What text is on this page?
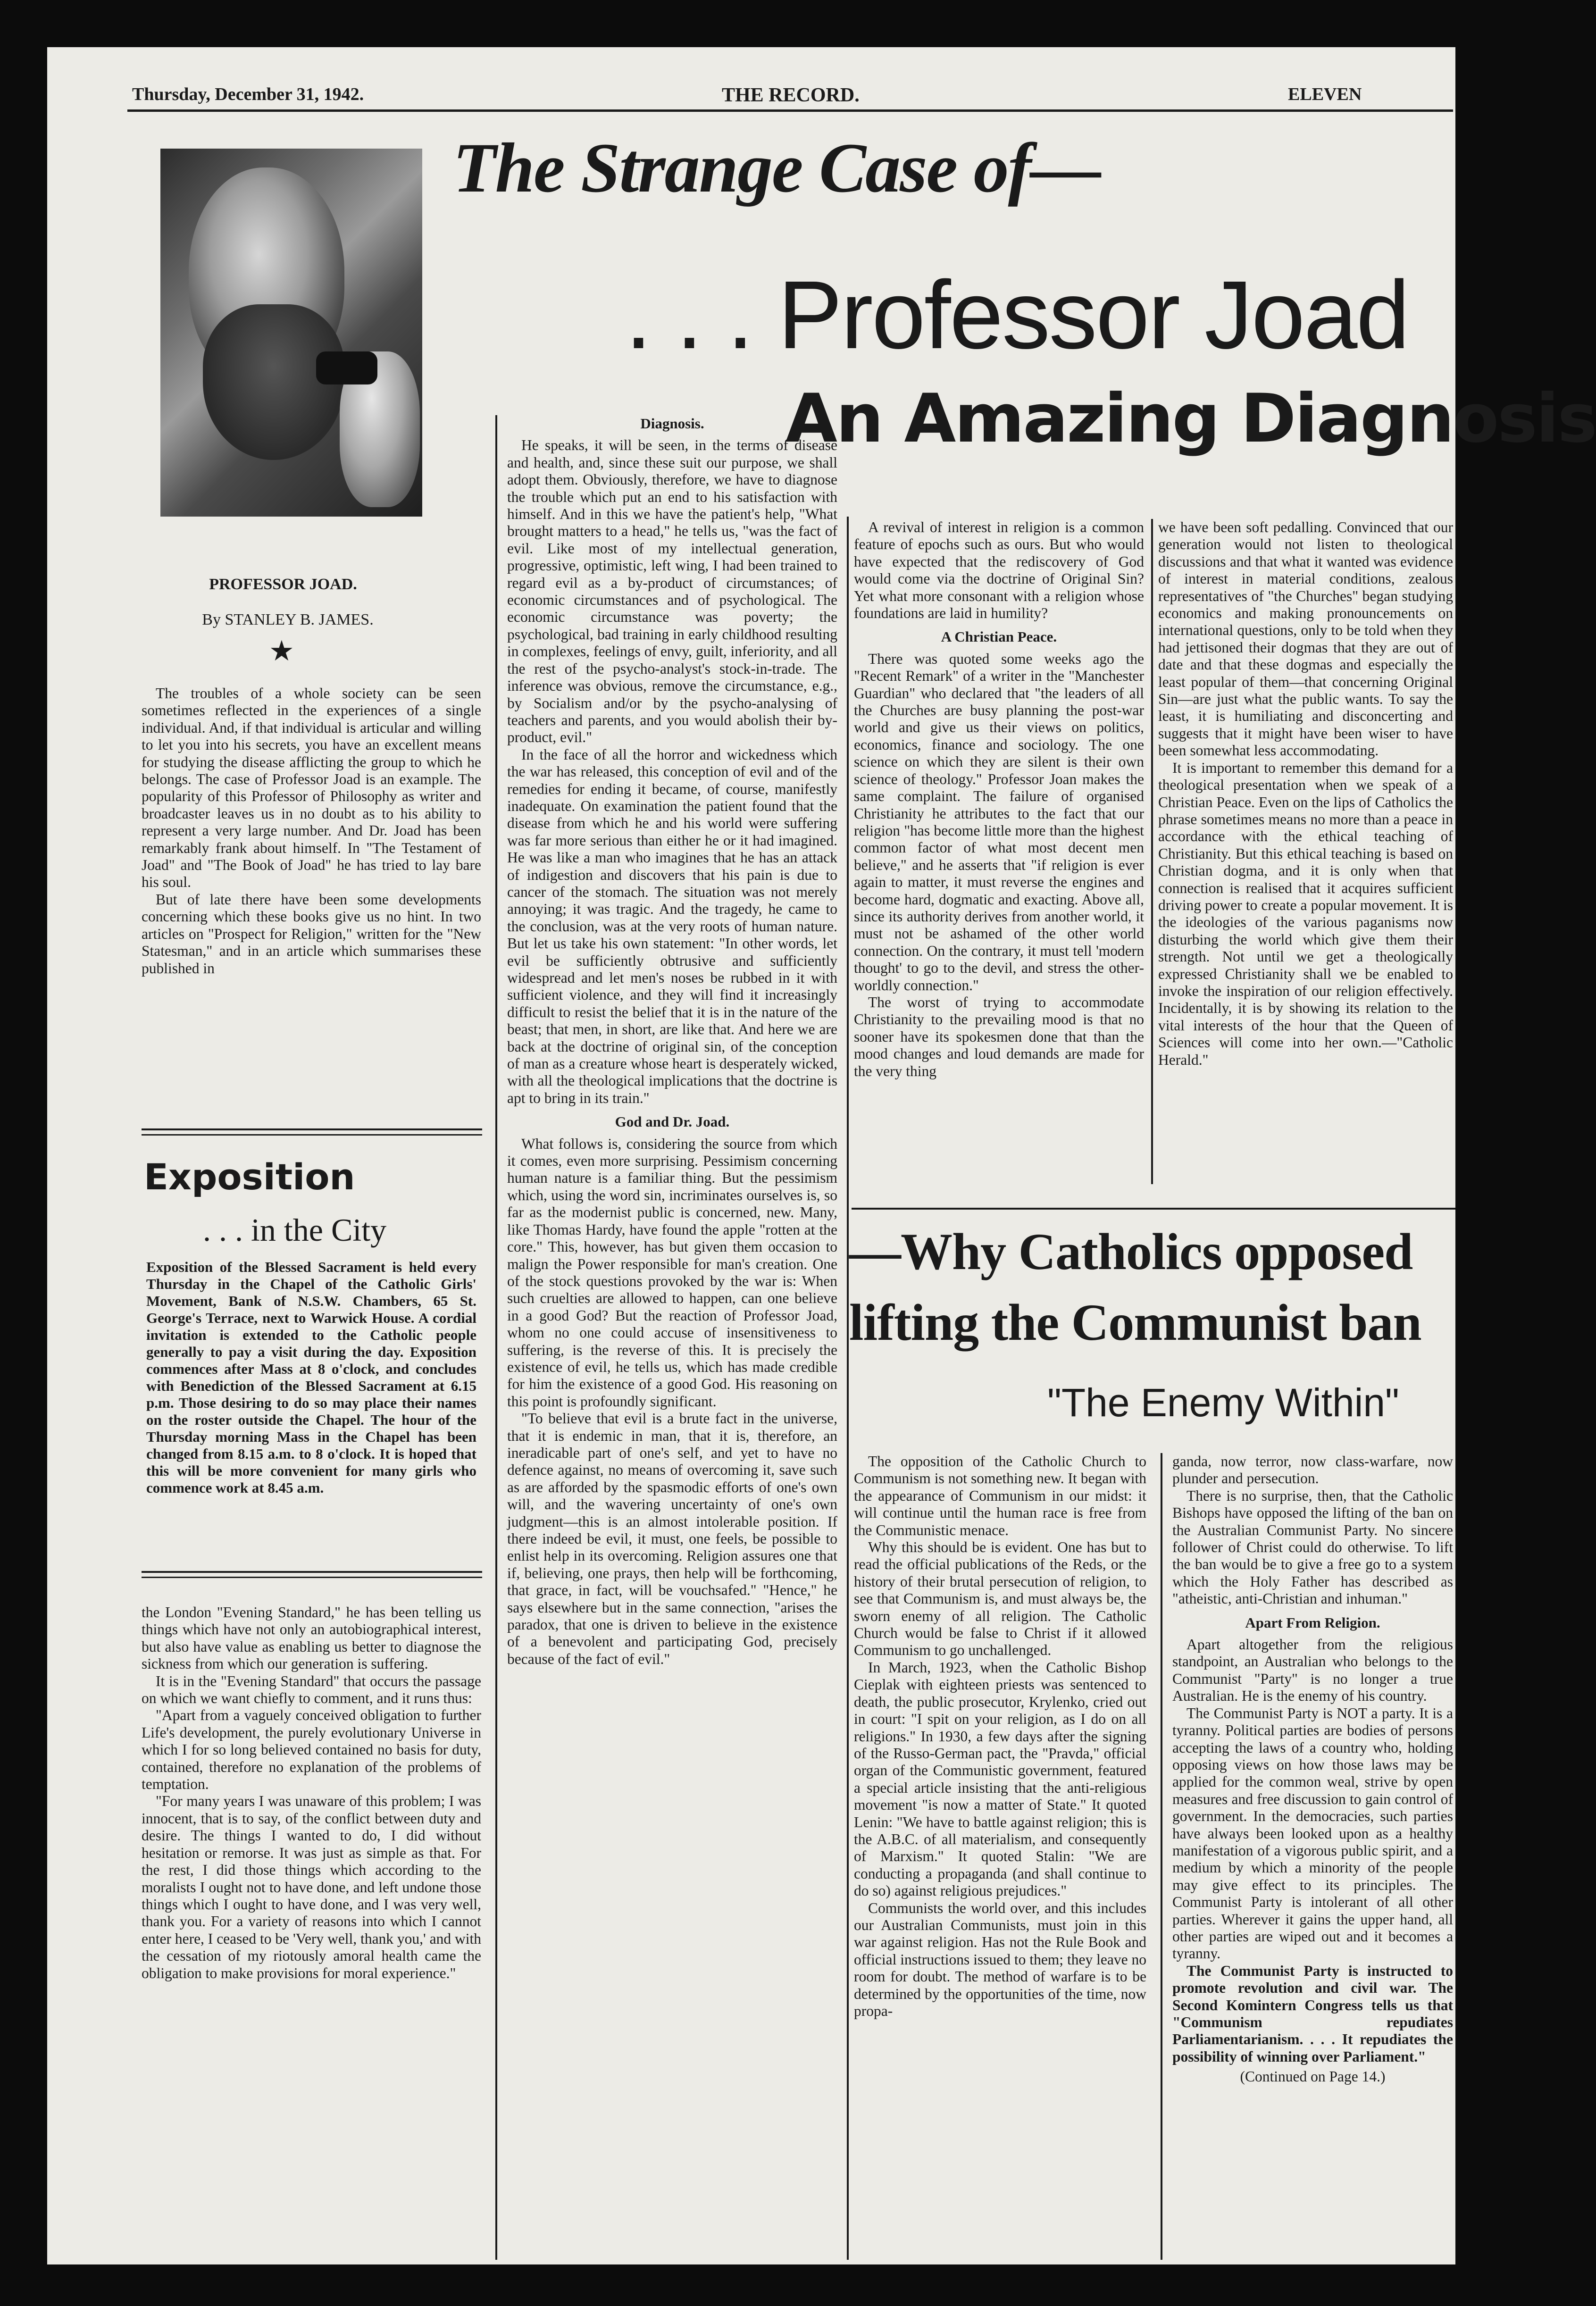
Thursday, December 31, 1942.	THE RECORD.	ELEVEN
The Strange Case of—
. . . Professor Joad
An Amazing Diagnosis
PROFESSOR JOAD.
By STANLEY B. JAMES.
★

The troubles of a whole society can be seen sometimes reflected in the experiences of a single individual. And, if that individual is articular and willing to let you into his secrets, you have an excellent means for studying the disease afflicting the group to which he belongs. The case of Professor Joad is an example. The popularity of this Professor of Philosophy as writer and broadcaster leaves us in no doubt as to his ability to represent a very large number. And Dr. Joad has been remarkably frank about himself. In "The Testament of Joad" and "The Book of Joad" he has tried to lay bare his soul.

But of late there have been some developments concerning which these books give us no hint. In two articles on "Prospect for Religion," written for the "New Statesman," and in an article which summarises these published in

Exposition
. . . in the City

Exposition of the Blessed Sacrament is held every Thursday in the Chapel of the Catholic Girls' Movement, Bank of N.S.W. Chambers, 65 St. George's Terrace, next to Warwick House. A cordial invitation is extended to the Catholic people generally to pay a visit during the day. Exposition commences after Mass at 8 o'clock, and concludes with Benediction of the Blessed Sacrament at 6.15 p.m. Those desiring to do so may place their names on the roster outside the Chapel. The hour of the Thursday morning Mass in the Chapel has been changed from 8.15 a.m. to 8 o'clock. It is hoped that this will be more convenient for many girls who commence work at 8.45 a.m.

the London "Evening Standard," he has been telling us things which have not only an autobiographical interest, but also have value as enabling us better to diagnose the sickness from which our generation is suffering.

It is in the "Evening Standard" that occurs the passage on which we want chiefly to comment, and it runs thus:

"Apart from a vaguely conceived obligation to further Life's development, the purely evolutionary Universe in which I for so long believed contained no basis for duty, contained, therefore no explanation of the problems of temptation.

"For many years I was unaware of this problem; I was innocent, that is to say, of the conflict between duty and desire. The things I wanted to do, I did without hesitation or remorse. It was just as simple as that. For the rest, I did those things which according to the moralists I ought not to have done, and left undone those things which I ought to have done, and I was very well, thank you. For a variety of reasons into which I cannot enter here, I ceased to be 'Very well, thank you,' and with the cessation of my riotously amoral health came the obligation to make provisions for moral experience."

Diagnosis.

He speaks, it will be seen, in the terms of disease and health, and, since these suit our purpose, we shall adopt them. Obviously, therefore, we have to diagnose the trouble which put an end to his satisfaction with himself. And in this we have the patient's help, "What brought matters to a head," he tells us, "was the fact of evil. Like most of my intellectual generation, progressive, optimistic, left wing, I had been trained to regard evil as a by-product of circumstances; of economic circumstances and of psychological. The economic circumstance was poverty; the psychological, bad training in early childhood resulting in complexes, feelings of envy, guilt, inferiority, and all the rest of the psycho-analyst's stock-in-trade. The inference was obvious, remove the circumstance, e.g., by Socialism and/or by the psycho-analysing of teachers and parents, and you would abolish their by-product, evil."

In the face of all the horror and wickedness which the war has released, this conception of evil and of the remedies for ending it became, of course, manifestly inadequate. On examination the patient found that the disease from which he and his world were suffering was far more serious than either he or it had imagined. He was like a man who imagines that he has an attack of indigestion and discovers that his pain is due to cancer of the stomach. The situation was not merely annoying; it was tragic. And the tragedy, he came to the conclusion, was at the very roots of human nature. But let us take his own statement: "In other words, let evil be sufficiently obtrusive and sufficiently widespread and let men's noses be rubbed in it with sufficient violence, and they will find it increasingly difficult to resist the belief that it is in the nature of the beast; that men, in short, are like that. And here we are back at the doctrine of original sin, of the conception of man as a creature whose heart is desperately wicked, with all the theological implications that the doctrine is apt to bring in its train."

God and Dr. Joad.

What follows is, considering the source from which it comes, even more surprising. Pessimism concerning human nature is a familiar thing. But the pessimism which, using the word sin, incriminates ourselves is, so far as the modernist public is concerned, new. Many, like Thomas Hardy, have found the apple "rotten at the core." This, however, has but given them occasion to malign the Power responsible for man's creation. One of the stock questions provoked by the war is: When such cruelties are allowed to happen, can one believe in a good God? But the reaction of Professor Joad, whom no one could accuse of insensitiveness to suffering, is the reverse of this. It is precisely the existence of evil, he tells us, which has made credible for him the existence of a good God. His reasoning on this point is profoundly significant.

"To believe that evil is a brute fact in the universe, that it is endemic in man, that it is, therefore, an ineradicable part of one's self, and yet to have no defence against, no means of overcoming it, save such as are afforded by the spasmodic efforts of one's own will, and the wavering uncertainty of one's own judgment—this is an almost intolerable position. If there indeed be evil, it must, one feels, be possible to enlist help in its overcoming. Religion assures one that if, believing, one prays, then help will be forthcoming, that grace, in fact, will be vouchsafed." "Hence," he says elsewhere but in the same connection, "arises the paradox, that one is driven to believe in the existence of a benevolent and participating God, precisely because of the fact of evil."

A revival of interest in religion is a common feature of epochs such as ours. But who would have expected that the rediscovery of God would come via the doctrine of Original Sin? Yet what more consonant with a religion whose foundations are laid in humility?

A Christian Peace.

There was quoted some weeks ago the "Recent Remark" of a writer in the "Manchester Guardian" who declared that "the leaders of all the Churches are busy planning the post-war world and give us their views on politics, economics, finance and sociology. The one science on which they are silent is their own science of theology." Professor Joan makes the same complaint. The failure of organised Christianity he attributes to the fact that our religion "has become little more than the highest common factor of what most decent men believe," and he asserts that "if religion is ever again to matter, it must reverse the engines and become hard, dogmatic and exacting. Above all, since its authority derives from another world, it must not be ashamed of the other world connection. On the contrary, it must tell 'modern thought' to go to the devil, and stress the other-worldly connection."

The worst of trying to accommodate Christianity to the prevailing mood is that no sooner have its spokesmen done that than the mood changes and loud demands are made for the very thing

we have been soft pedalling. Convinced that our generation would not listen to theological discussions and that what it wanted was evidence of interest in material conditions, zealous representatives of "the Churches" began studying economics and making pronouncements on international questions, only to be told when they had jettisoned their dogmas that they are out of date and that these dogmas and especially the least popular of them—that concerning Original Sin—are just what the public wants. To say the least, it is humiliating and disconcerting and suggests that it might have been wiser to have been somewhat less accommodating.

It is important to remember this demand for a theological presentation when we speak of a Christian Peace. Even on the lips of Catholics the phrase sometimes means no more than a peace in accordance with the ethical teaching of Christianity. But this ethical teaching is based on Christian dogma, and it is only when that connection is realised that it acquires sufficient driving power to create a popular movement. It is the ideologies of the various paganisms now disturbing the world which give them their strength. Not until we get a theologically expressed Christianity shall we be enabled to invoke the inspiration of our religion effectively. Incidentally, it is by showing its relation to the vital interests of the hour that the Queen of Sciences will come into her own.—"Catholic Herald."

—Why Catholics opposed
lifting the Communist ban
"The Enemy Within"

The opposition of the Catholic Church to Communism is not something new. It began with the appearance of Communism in our midst: it will continue until the human race is free from the Communistic menace.

Why this should be is evident. One has but to read the official publications of the Reds, or the history of their brutal persecution of religion, to see that Communism is, and must always be, the sworn enemy of all religion. The Catholic Church would be false to Christ if it allowed Communism to go unchallenged.

In March, 1923, when the Catholic Bishop Cieplak with eighteen priests was sentenced to death, the public prosecutor, Krylenko, cried out in court: "I spit on your religion, as I do on all religions." In 1930, a few days after the signing of the Russo-German pact, the "Pravda," official organ of the Communistic government, featured a special article insisting that the anti-religious movement "is now a matter of State." It quoted Lenin: "We have to battle against religion; this is the A.B.C. of all materialism, and consequently of Marxism." It quoted Stalin: "We are conducting a propaganda (and shall continue to do so) against religious prejudices."

Communists the world over, and this includes our Australian Communists, must join in this war against religion. Has not the Rule Book and official instructions issued to them; they leave no room for doubt. The method of warfare is to be determined by the opportunities of the time, now propa-

ganda, now terror, now class-warfare, now plunder and persecution.

There is no surprise, then, that the Catholic Bishops have opposed the lifting of the ban on the Australian Communist Party. No sincere follower of Christ could do otherwise. To lift the ban would be to give a free go to a system which the Holy Father has described as "atheistic, anti-Christian and inhuman."

Apart From Religion.

Apart altogether from the religious standpoint, an Australian who belongs to the Communist "Party" is no longer a true Australian. He is the enemy of his country.

The Communist Party is NOT a party. It is a tyranny. Political parties are bodies of persons accepting the laws of a country who, holding opposing views on how those laws may be applied for the common weal, strive by open measures and free discussion to gain control of government. In the democracies, such parties have always been looked upon as a healthy manifestation of a vigorous public spirit, and a medium by which a minority of the people may give effect to its principles. The Communist Party is intolerant of all other parties. Wherever it gains the upper hand, all other parties are wiped out and it becomes a tyranny.

The Communist Party is instructed to promote revolution and civil war. The Second Komintern Congress tells us that "Communism repudiates Parliamentarianism. . . . It repudiates the possibility of winning over Parliament."

(Continued on Page 14.)
